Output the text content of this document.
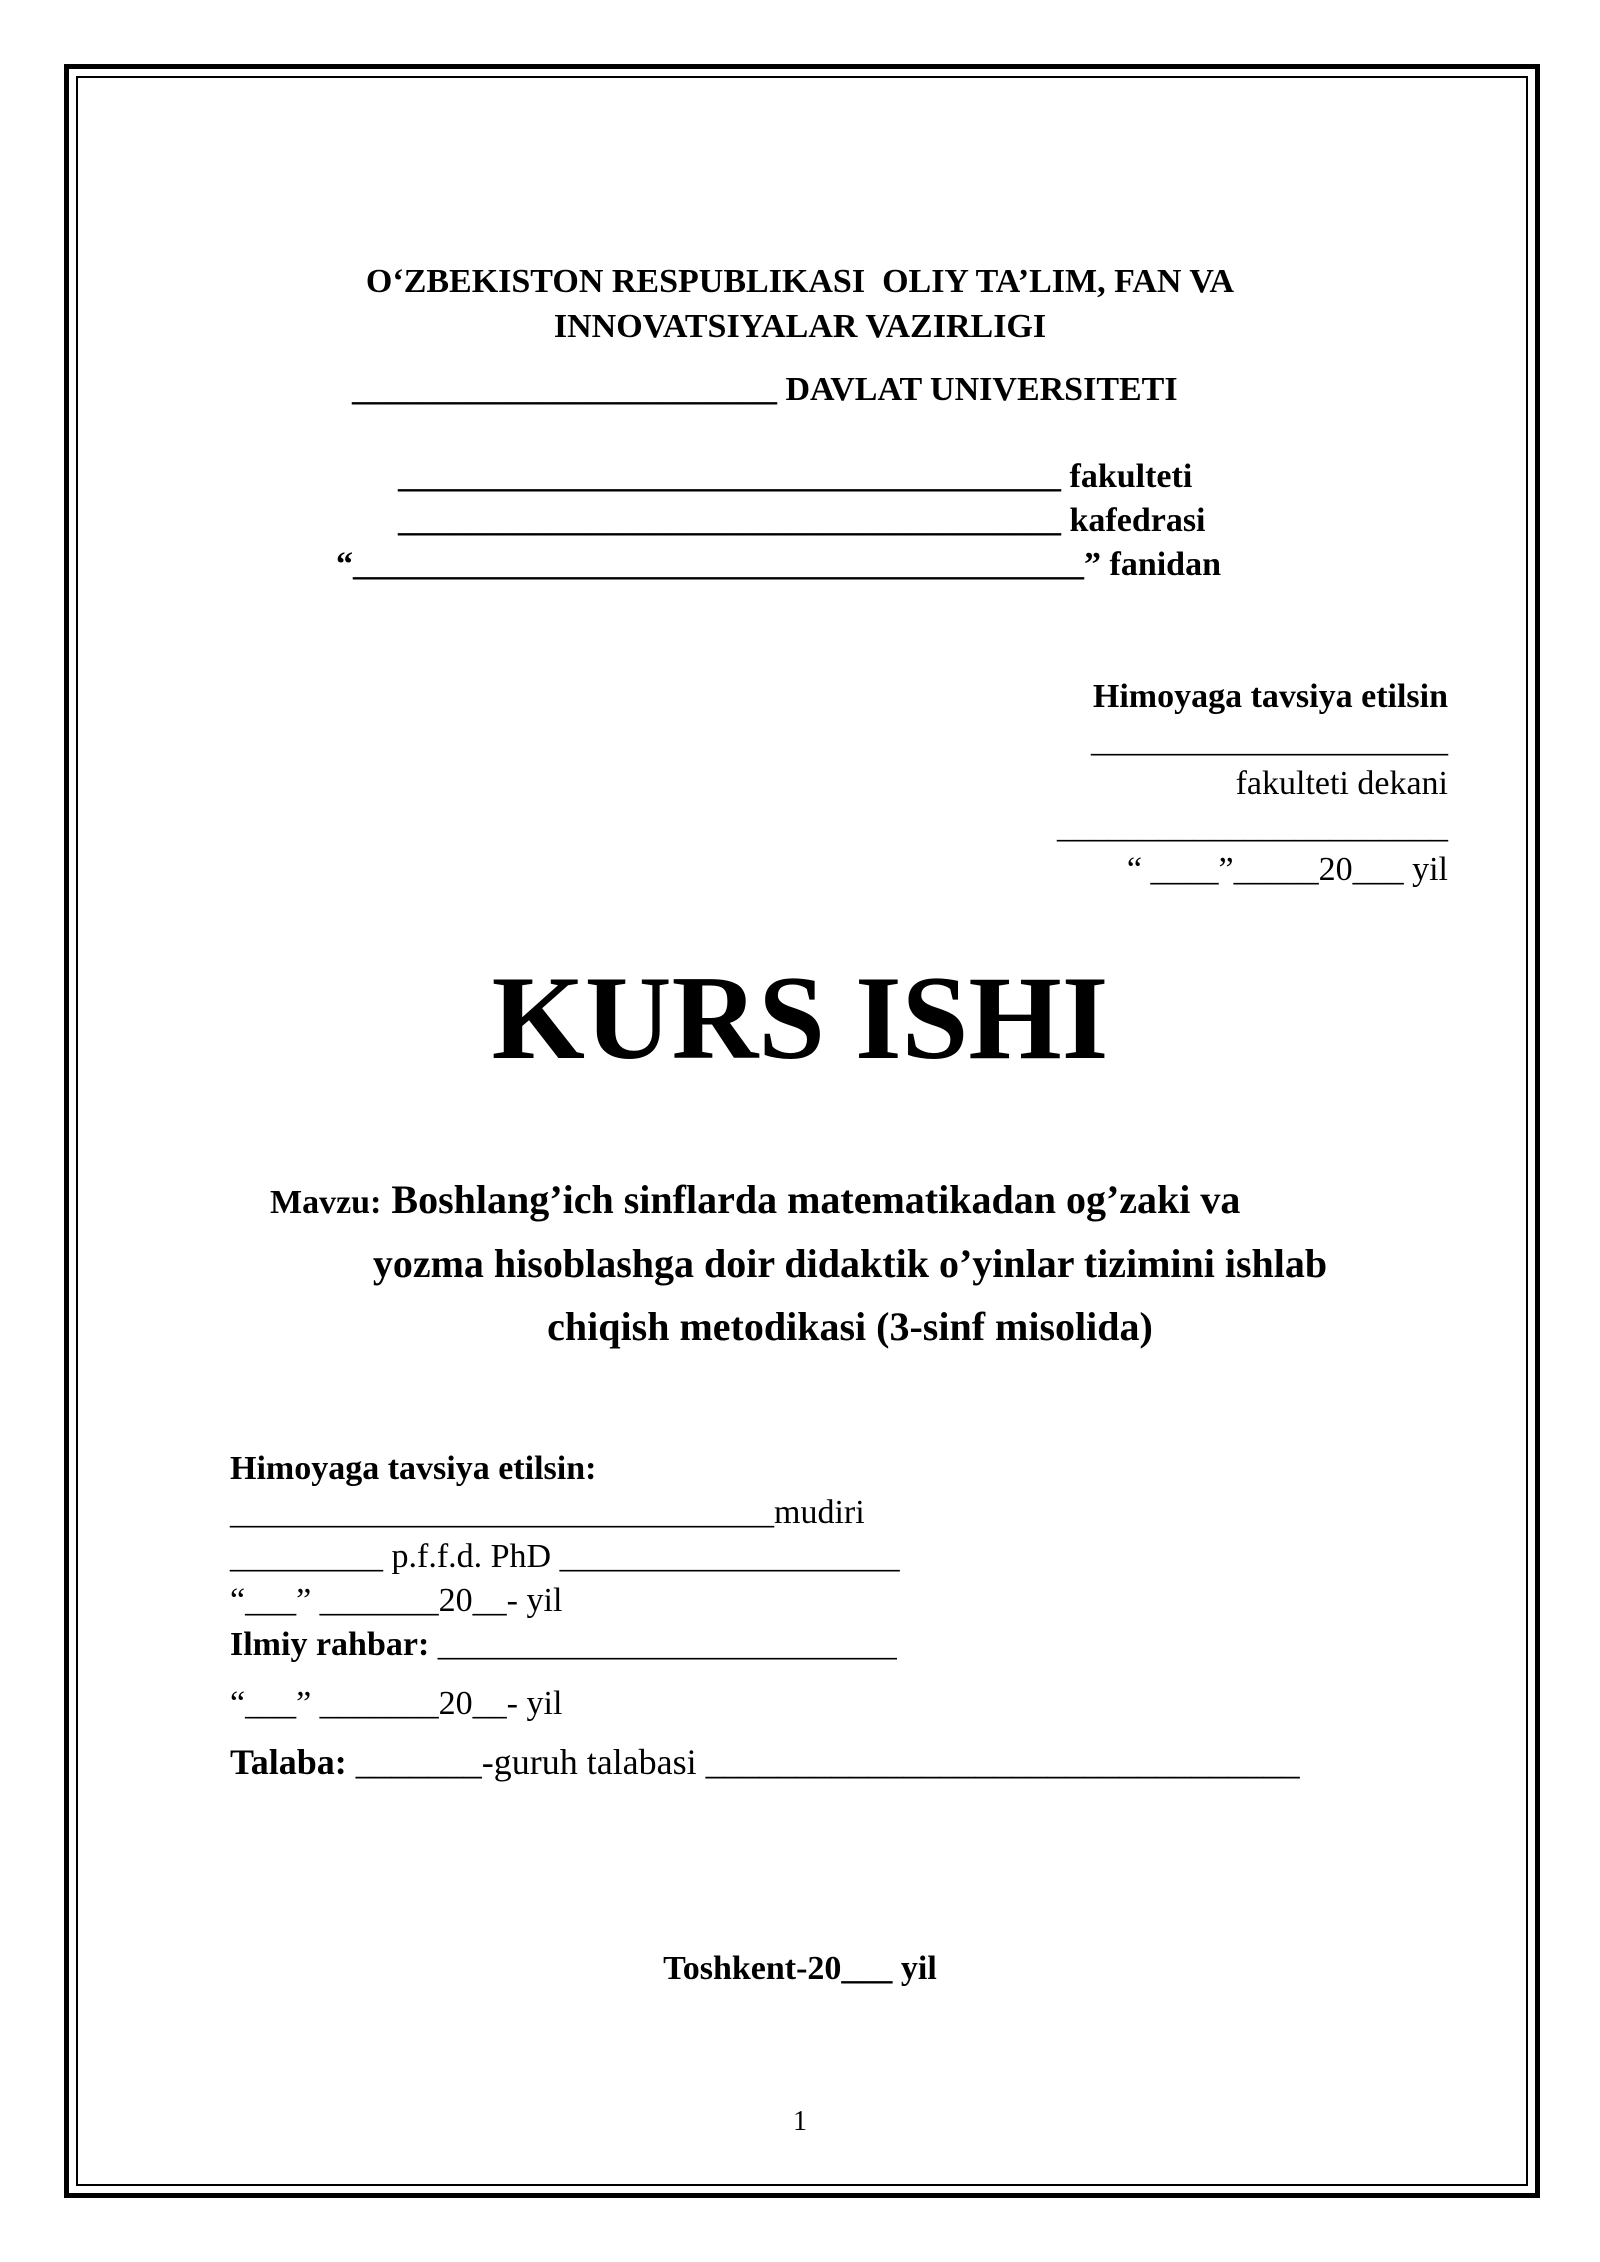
O‘ZBEKISTON RESPUBLIKASI  OLIY TA’LIM, FAN VA
INNOVATSIYALAR VAZIRLIGI
_________________________ DAVLAT UNIVERSITETI
_______________________________________ fakulteti
_______________________________________ kafedrasi
“___________________________________________” fanidan
Himoyaga tavsiya etilsin
_____________________
fakulteti dekani
_______________________
“ ____”_____20___ yil
KURS ISHI
Mavzu: Boshlang’ich sinflarda matematikadan og’zaki va
yozma hisoblashga doir didaktik o’yinlar tizimini ishlab
chiqish metodikasi (3-sinf misolida)
Himoyaga tavsiya etilsin:
________________________________mudiri
_________ p.f.f.d. PhD ____________________
“___” _______20__- yil
Ilmiy rahbar: ___________________________
“___” _______20__- yil
Talaba: _______-guruh talabasi _________________________________
Toshkent-20___ yil
1
